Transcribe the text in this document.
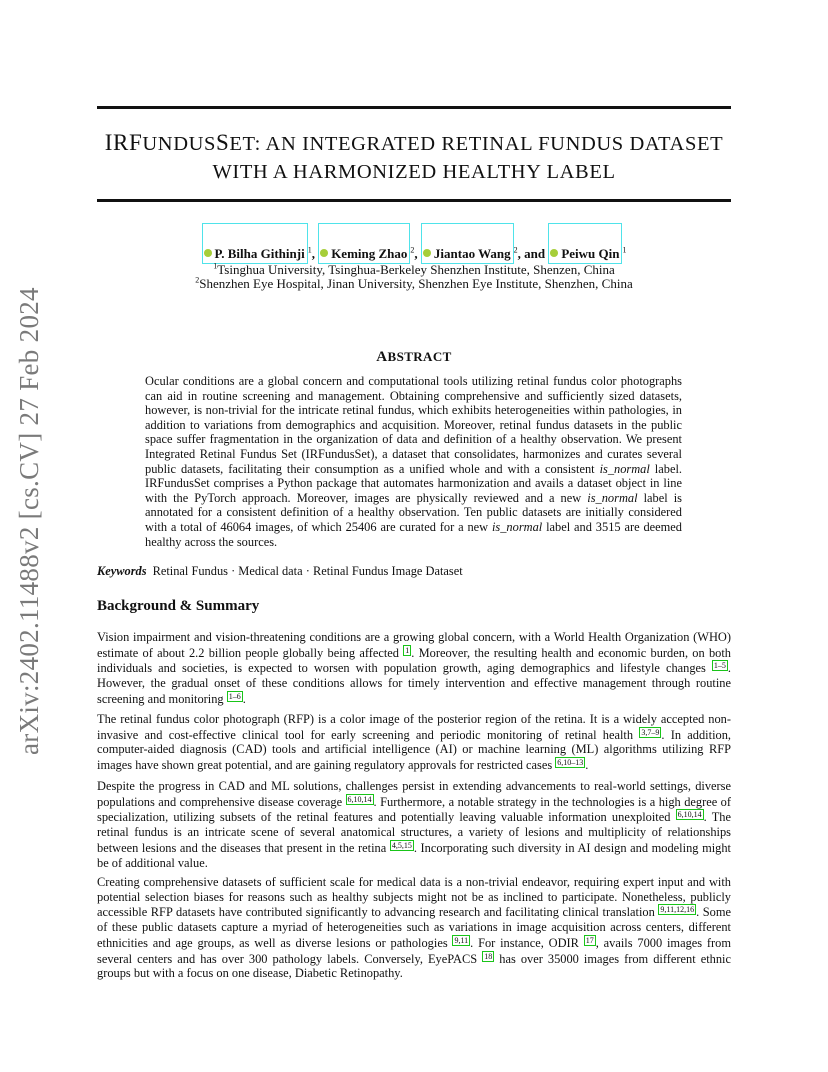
arXiv:2402.11488v2 [cs.CV] 27 Feb 2024
IRFUNDUSSET: AN INTEGRATED RETINAL FUNDUS DATASET
WITH A HARMONIZED HEALTHY LABEL
P. Bilha Githinji $^1$, Keming Zhao $^2$, Jiantao Wang $^2$, and Peiwu Qin $^1$
$^1$Tsinghua University, Tsinghua-Berkeley Shenzhen Institute, Shenzen, China
$^2$Shenzhen Eye Hospital, Jinan University, Shenzhen Eye Institute, Shenzhen, China
ABSTRACT
Ocular conditions are a global concern and computational tools utilizing retinal fundus color photographs can aid in routine screening and management. Obtaining comprehensive and sufficiently sized datasets, however, is non-trivial for the intricate retinal fundus, which exhibits heterogeneities within pathologies, in addition to variations from demographics and acquisition. Moreover, retinal fundus datasets in the public space suffer fragmentation in the organization of data and definition of a healthy observation. We present Integrated Retinal Fundus Set (IRFundusSet), a dataset that consolidates, harmonizes and curates several public datasets, facilitating their consumption as a unified whole and with a consistent is_normal label. IRFundusSet comprises a Python package that automates harmonization and avails a dataset object in line with the PyTorch approach. Moreover, images are physically reviewed and a new is_normal label is annotated for a consistent definition of a healthy observation. Ten public datasets are initially considered with a total of 46064 images, of which 25406 are curated for a new is_normal label and 3515 are deemed healthy across the sources.
Keywords Retinal Fundus · Medical data · Retinal Fundus Image Dataset
Background & Summary
Vision impairment and vision-threatening conditions are a growing global concern, with a World Health Organization (WHO) estimate of about 2.2 billion people globally being affected 1 . Moreover, the resulting health and economic burden, on both individuals and societies, is expected to worsen with population growth, aging demographics and lifestyle changes 1–5 . However, the gradual onset of these conditions allows for timely intervention and effective management through routine screening and monitoring 1–6 .
The retinal fundus color photograph (RFP) is a color image of the posterior region of the retina. It is a widely accepted non-invasive and cost-effective clinical tool for early screening and periodic monitoring of retinal health 3,7–9 . In addition, computer-aided diagnosis (CAD) tools and artificial intelligence (AI) or machine learning (ML) algorithms utilizing RFP images have shown great potential, and are gaining regulatory approvals for restricted cases 6,10–13 .
Despite the progress in CAD and ML solutions, challenges persist in extending advancements to real-world settings, diverse populations and comprehensive disease coverage 6,10,14 . Furthermore, a notable strategy in the technologies is a high degree of specialization, utilizing subsets of the retinal features and potentially leaving valuable information unexploited 6,10,14 . The retinal fundus is an intricate scene of several anatomical structures, a variety of lesions and multiplicity of relationships between lesions and the diseases that present in the retina 4,5,15 . Incorporating such diversity in AI design and modeling might be of additional value.
Creating comprehensive datasets of sufficient scale for medical data is a non-trivial endeavor, requiring expert input and with potential selection biases for reasons such as healthy subjects might not be as inclined to participate. Nonetheless, publicly accessible RFP datasets have contributed significantly to advancing research and facilitating clinical translation 9,11,12,16 . Some of these public datasets capture a myriad of heterogeneities such as variations in image acquisition across centers, different ethnicities and age groups, as well as diverse lesions or pathologies 9,11 . For instance, ODIR 17 , avails 7000 images from several centers and has over 300 pathology labels. Conversely, EyePACS 18 has over 35000 images from different ethnic groups but with a focus on one disease, Diabetic Retinopathy.
